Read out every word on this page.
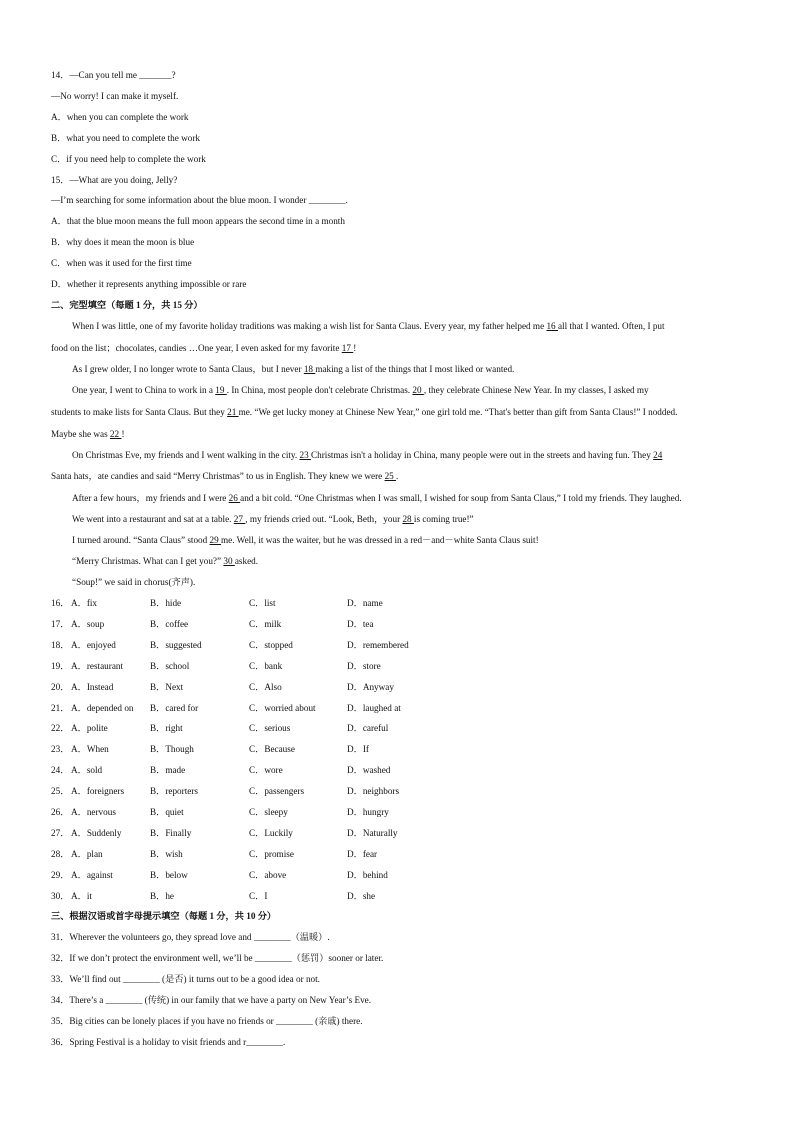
14．—Can you tell me _______?
—No worry! I can make it myself.
A．when you can complete the work
B．what you need to complete the work
C．if you need help to complete the work
15．—What are you doing, Jelly?
—I’m searching for some information about the blue moon. I wonder ________.
A．that the blue moon means the full moon appears the second time in a month
B．why does it mean the moon is blue
C．when was it used for the first time
D．whether it represents anything impossible or rare
二、完型填空（每题 1 分，共 15 分）
When I was little, one of my favorite holiday traditions was making a wish list for Santa Claus. Every year, my father helped me 16 all that I wanted. Often, I put
food on the list；chocolates, candies …One year, I even asked for my favorite 17 !
As I grew older, I no longer wrote to Santa Claus，but I never 18 making a list of the things that I most liked or wanted.
One year, I went to China to work in a 19 . In China, most people don't celebrate Christmas. 20 , they celebrate Chinese New Year. In my classes, I asked my
students to make lists for Santa Claus. But they 21 me. “We get lucky money at Chinese New Year,” one girl told me. “That's better than gift from Santa Claus!” I nodded.
Maybe she was 22 !
On Christmas Eve, my friends and I went walking in the city. 23 Christmas isn't a holiday in China, many people were out in the streets and having fun. They 24
Santa hats，ate candies and said “Merry Christmas” to us in English. They knew we were 25 .
After a few hours，my friends and I were 26 and a bit cold. “One Christmas when I was small, I wished for soup from Santa Claus,” I told my friends. They laughed.
We went into a restaurant and sat at a table. 27 , my friends cried out. “Look, Beth，your 28 is coming true!”
I turned around. “Santa Claus” stood 29 me. Well, it was the waiter, but he was dressed in a red－and－white Santa Claus suit!
“Merry Christmas. What can I get you?” 30 asked.
“Soup!” we said in chorus(齐声).
16． A．fix	B．hide	C．list	D．name
17． A．soup	B．coffee	C．milk	D．tea
18． A．enjoyed	B．suggested	C．stopped	D．remembered
19． A．restaurant	B．school	C．bank	D．store
20． A．Instead	B．Next	C．Also	D．Anyway
21． A．depended on B．cared for	C．worried about	D．laughed at
22． A．polite	B．right	C．serious	D．careful
23． A．When	B．Though	C．Because	D．If
24． A．sold	B．made	C．wore	D．washed
25． A．foreigners	B．reporters	C．passengers	D．neighbors
26． A．nervous	B．quiet	C．sleepy	D．hungry
27． A．Suddenly	B．Finally	C．Luckily	D．Naturally
28． A．plan	B．wish	C．promise	D．fear
29． A．against	B．below	C．above	D．behind
30． A．it	B．he	C．I	D．she
三、根据汉语或首字母提示填空（每题 1 分，共 10 分）
31．Wherever the volunteers go, they spread love and ________（温暖）.
32．If we don’t protect the environment well, we’ll be ________（惩罚）sooner or later.
33．We’ll find out ________ (是否) it turns out to be a good idea or not.
34．There’s a ________ (传统) in our family that we have a party on New Year’s Eve.
35．Big cities can be lonely places if you have no friends or ________ (亲戚) there.
36．Spring Festival is a holiday to visit friends and r________.
